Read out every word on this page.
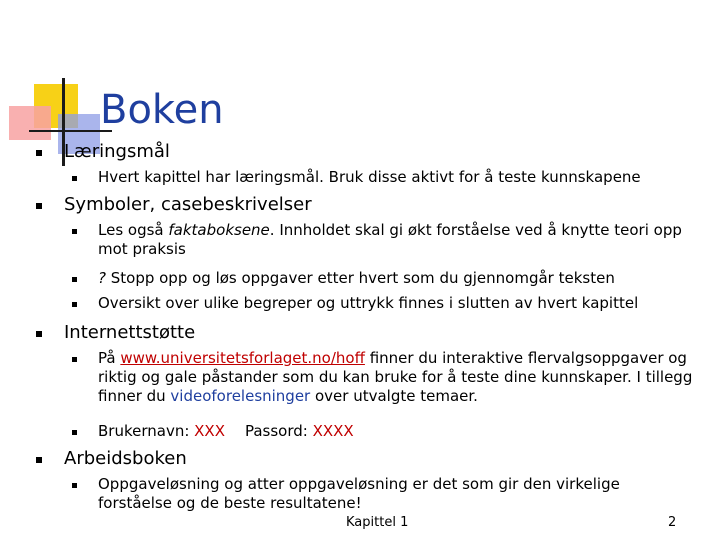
Boken
Læringsmål
Hvert kapittel har læringsmål. Bruk disse aktivt for å teste kunnskapene
Symboler, casebeskrivelser
Les også faktaboksene. Innholdet skal gi økt forståelse ved å knytte teori opp mot praksis
? Stopp opp og løs oppgaver etter hvert som du gjennomgår teksten
Oversikt over ulike begreper og uttrykk finnes i slutten av hvert kapittel
Internettstøtte
På www.universitetsforlaget.no/hoff finner du interaktive flervalgsoppgaver og riktig og gale påstander som du kan bruke for å teste dine kunnskaper. I tillegg finner du videoforelesninger over utvalgte temaer.
Brukernavn: XXX Passord: XXXX
Arbeidsboken
Oppgaveløsning og atter oppgaveløsning er det som gir den virkelige forståelse og de beste resultatene!
Kapittel 1	2
